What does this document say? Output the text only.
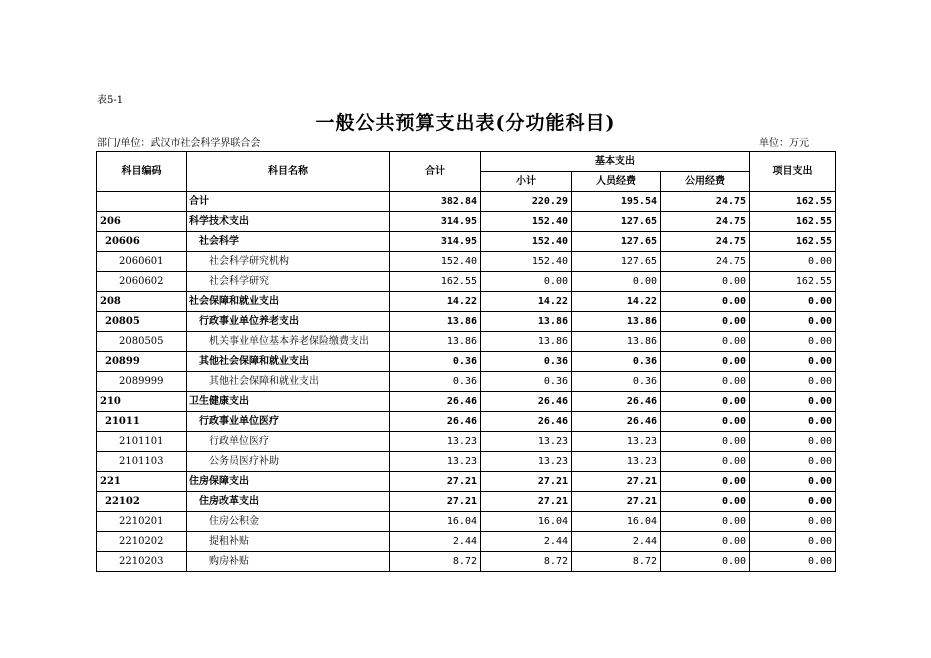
表5-1
一般公共预算支出表(分功能科目)
部门/单位：武汉市社会科学界联合会	单位：万元
科目编码	科目名称	合计	基本支出			项目支出
			小计	人员经费	公用经费	
	合计	382.84	220.29	195.54	24.75	162.55
206	科学技术支出	314.95	152.40	127.65	24.75	162.55
20606	社会科学	314.95	152.40	127.65	24.75	162.55
2060601	社会科学研究机构	152.40	152.40	127.65	24.75	0.00
2060602	社会科学研究	162.55	0.00	0.00	0.00	162.55
208	社会保障和就业支出	14.22	14.22	14.22	0.00	0.00
20805	行政事业单位养老支出	13.86	13.86	13.86	0.00	0.00
2080505	机关事业单位基本养老保险缴费支出	13.86	13.86	13.86	0.00	0.00
20899	其他社会保障和就业支出	0.36	0.36	0.36	0.00	0.00
2089999	其他社会保障和就业支出	0.36	0.36	0.36	0.00	0.00
210	卫生健康支出	26.46	26.46	26.46	0.00	0.00
21011	行政事业单位医疗	26.46	26.46	26.46	0.00	0.00
2101101	行政单位医疗	13.23	13.23	13.23	0.00	0.00
2101103	公务员医疗补助	13.23	13.23	13.23	0.00	0.00
221	住房保障支出	27.21	27.21	27.21	0.00	0.00
22102	住房改革支出	27.21	27.21	27.21	0.00	0.00
2210201	住房公积金	16.04	16.04	16.04	0.00	0.00
2210202	提租补贴	2.44	2.44	2.44	0.00	0.00
2210203	购房补贴	8.72	8.72	8.72	0.00	0.00
